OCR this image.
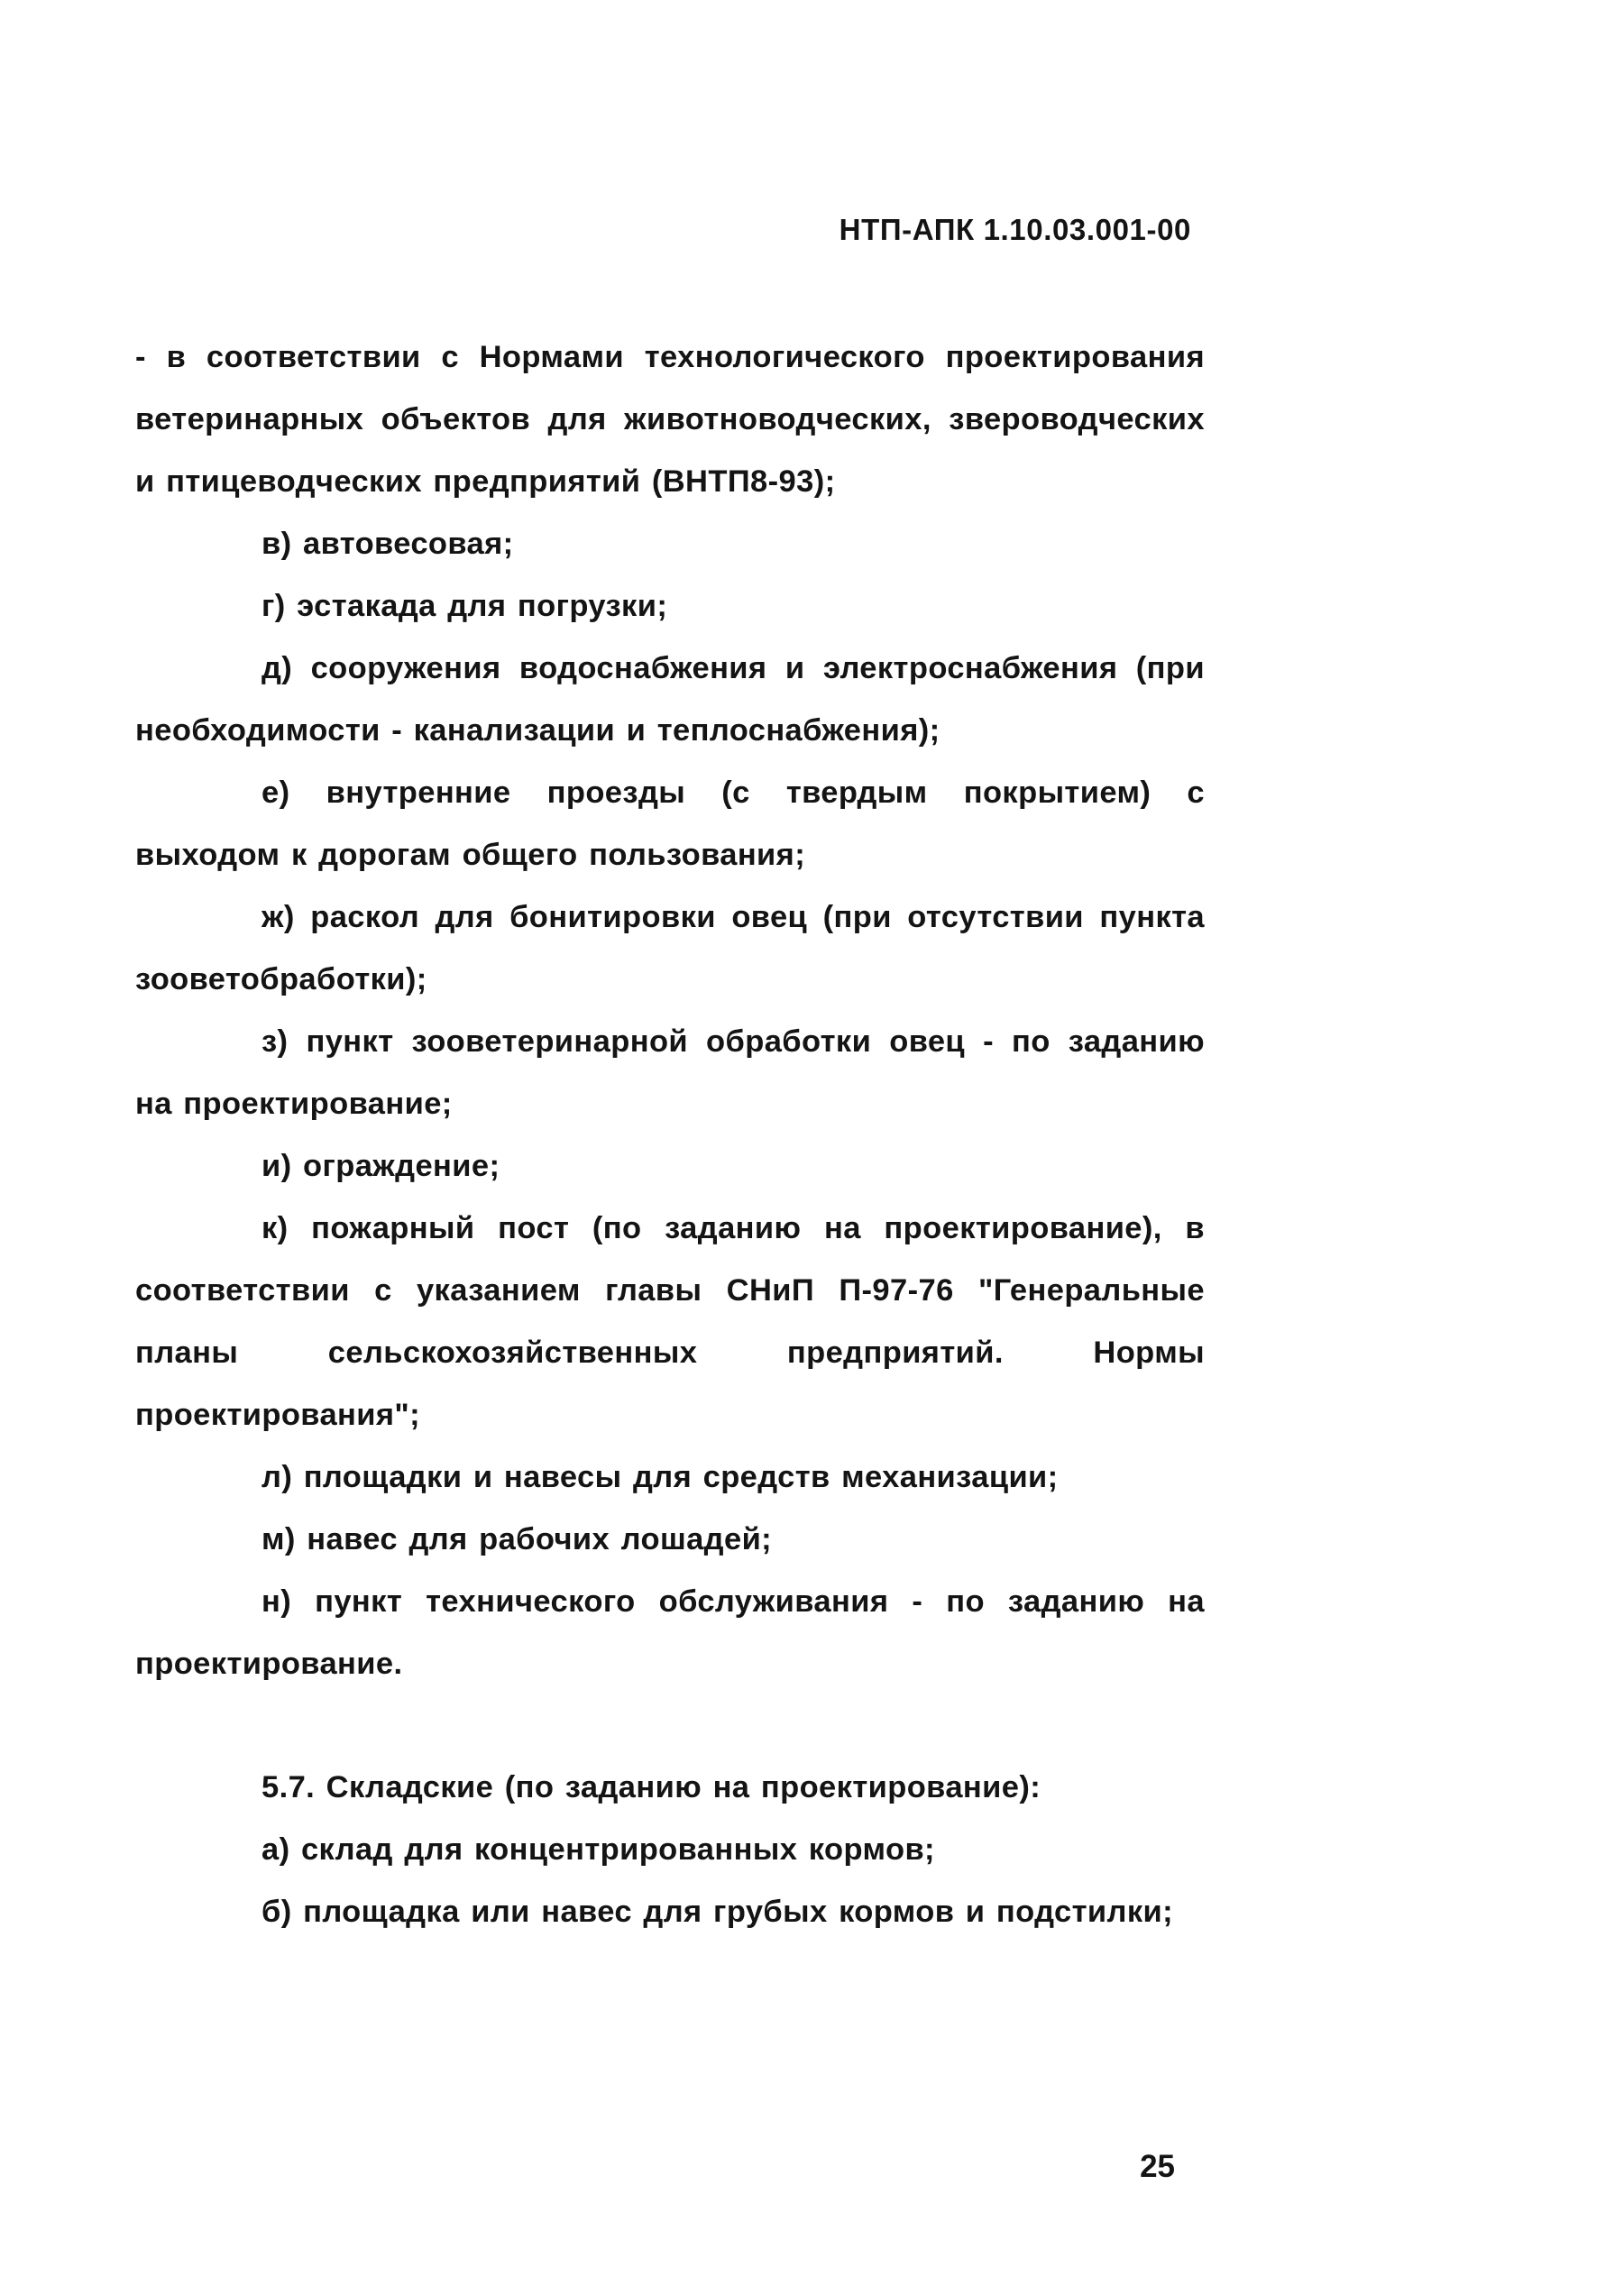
НТП-АПК 1.10.03.001-00

- в соответствии с Нормами технологического проектирования ветеринарных объектов для животноводческих, звероводческих и птицеводческих предприятий (ВНТП8-93);

в) автовесовая;

г) эстакада для погрузки;

д) сооружения водоснабжения и электроснабжения (при необходимости - канализации и теплоснабжения);

е) внутренние проезды (с твердым покрытием) с выходом к дорогам общего пользования;

ж) раскол для бонитировки овец (при отсутствии пункта зооветобработки);

з) пункт зооветеринарной обработки овец - по заданию на проектирование;

и) ограждение;

к) пожарный пост (по заданию на проектирование), в соответствии с указанием главы СНиП П-97-76 "Генеральные планы сельскохозяйственных предприятий. Нормы проектирования";

л) площадки и навесы для средств механизации;

м) навес для рабочих лошадей;

н) пункт технического обслуживания - по заданию на проектирование.

5.7. Складские (по заданию на проектирование):

а) склад для концентрированных кормов;

б) площадка или навес для грубых кормов и подстилки;

25
